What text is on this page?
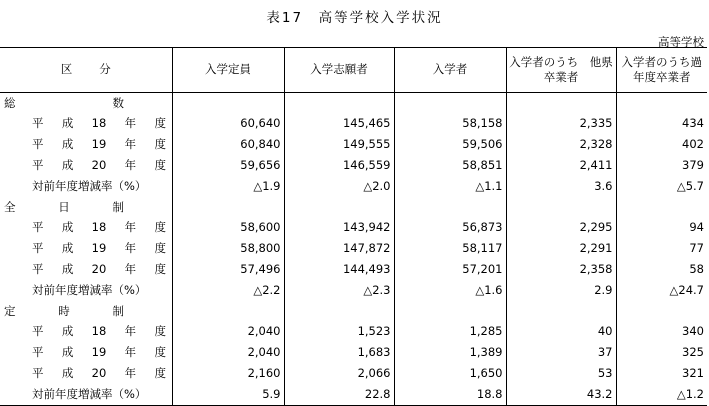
表17　高等学校入学状況
高等学校
区　分	入学定員	入学志願者	入学者	入学者のうち　他県卒業者	入学者のうち過年度卒業者

総　　数					

平成18年度	60,640	145,465	58,158	2,335	434

平成19年度	60,840	149,555	59,506	2,328	402

平成20年度	59,656	146,559	58,851	2,411	379

対前年度増減率（%）	△1.9	△2.0	△1.1	3.6	△5.7

全日制					

平成18年度	58,600	143,942	56,873	2,295	94

平成19年度	58,800	147,872	58,117	2,291	77

平成20年度	57,496	144,493	57,201	2,358	58

対前年度増減率（%）	△2.2	△2.3	△1.6	2.9	△24.7

定時制					

平成18年度	2,040	1,523	1,285	40	340

平成19年度	2,040	1,683	1,389	37	325

平成20年度	2,160	2,066	1,650	53	321

対前年度増減率（%）	5.9	22.8	18.8	43.2	△1.2
